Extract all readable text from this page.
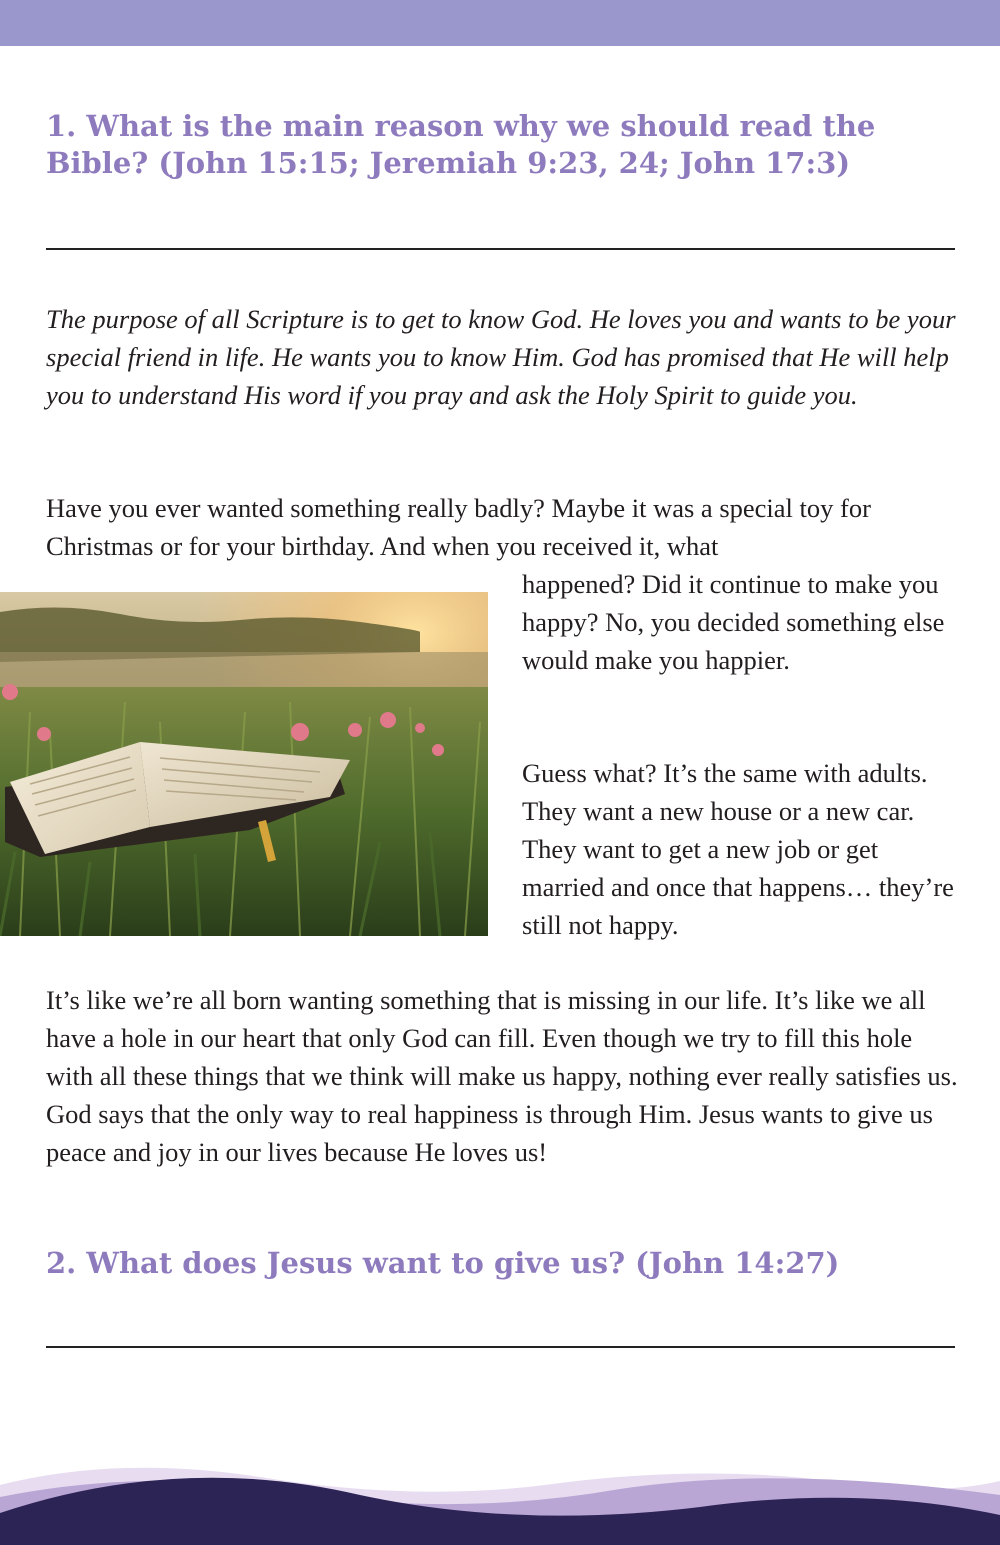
1. What is the main reason why we should read the Bible? (John 15:15; Jeremiah 9:23, 24; John 17:3)

The purpose of all Scripture is to get to know God. He loves you and wants to be your special friend in life. He wants you to know Him. God has promised that He will help you to understand His word if you pray and ask the Holy Spirit to guide you.

Have you ever wanted something really badly? Maybe it was a special toy for Christmas or for your birthday. And when you received it, what

happened? Did it continue to make you happy? No, you decided something else would make you happier.

Guess what? It’s the same with adults. They want a new house or a new car. They want to get a new job or get married and once that happens… they’re still not happy.

It’s like we’re all born wanting something that is missing in our life. It’s like we all have a hole in our heart that only God can fill. Even though we try to fill this hole with all these things that we think will make us happy, nothing ever really satisfies us. God says that the only way to real happiness is through Him. Jesus wants to give us peace and joy in our lives because He loves us!

2. What does Jesus want to give us? (John 14:27)
